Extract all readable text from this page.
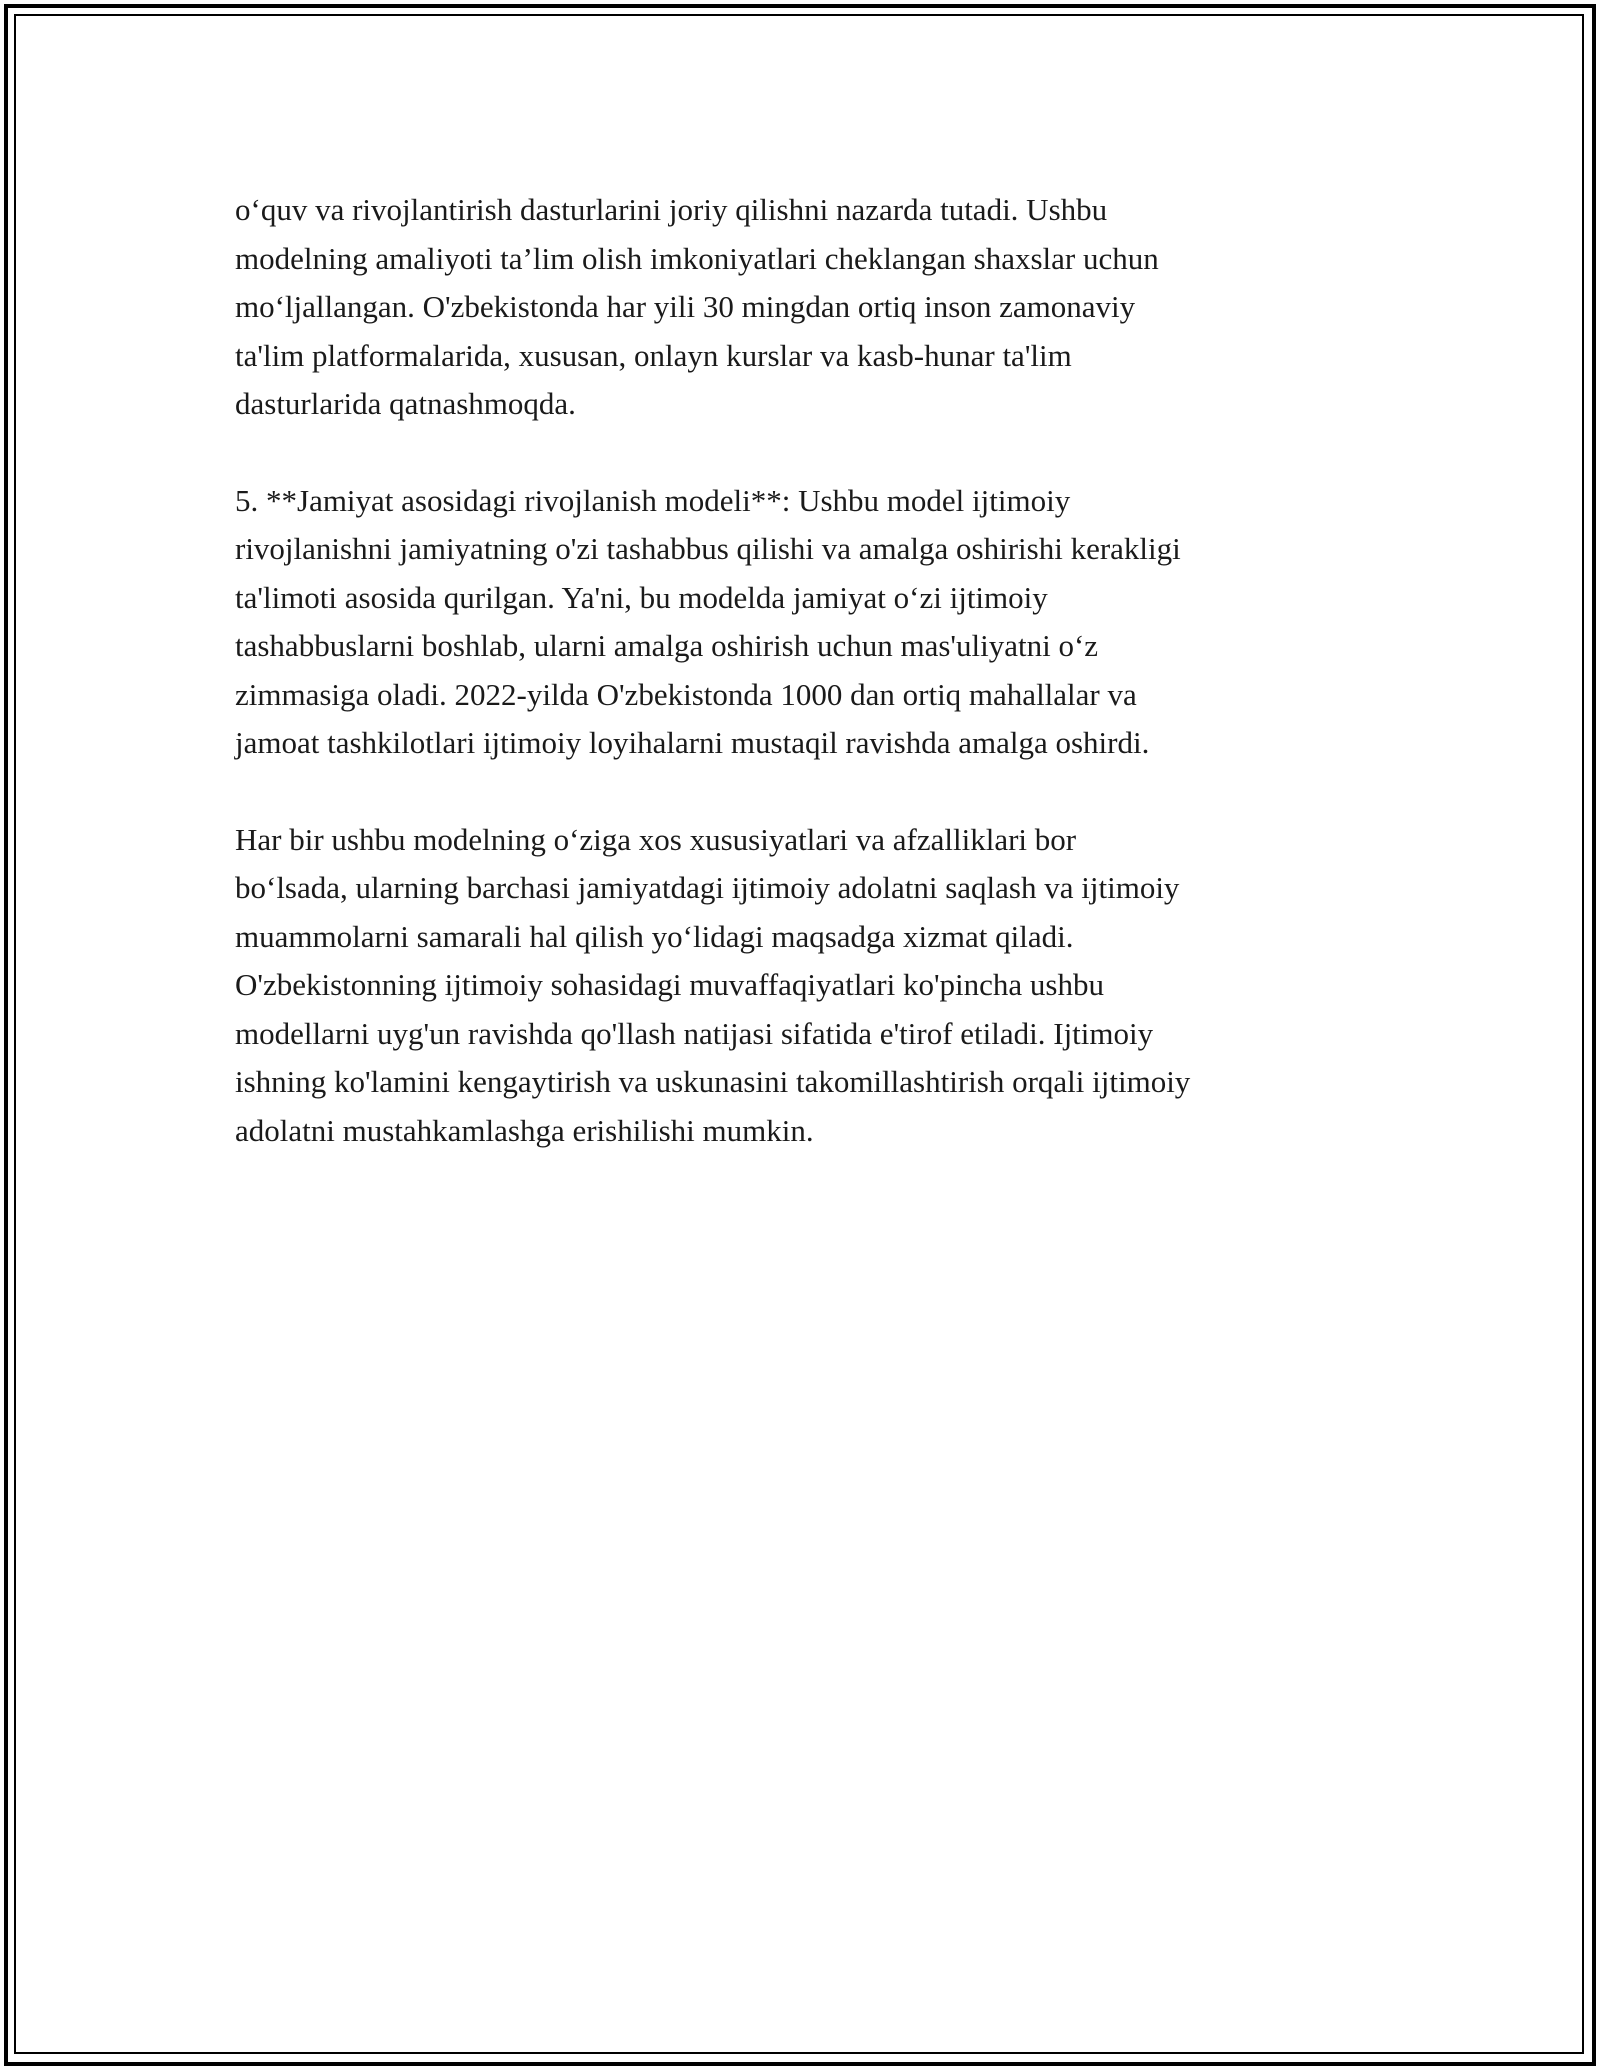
o‘quv va rivojlantirish dasturlarini joriy qilishni nazarda tutadi. Ushbu
modelning amaliyoti ta’lim olish imkoniyatlari cheklangan shaxslar uchun
mo‘ljallangan. O'zbekistonda har yili 30 mingdan ortiq inson zamonaviy
ta'lim platformalarida, xususan, onlayn kurslar va kasb-hunar ta'lim
dasturlarida qatnashmoqda.

5. **Jamiyat asosidagi rivojlanish modeli**: Ushbu model ijtimoiy
rivojlanishni jamiyatning o'zi tashabbus qilishi va amalga oshirishi kerakligi
ta'limoti asosida qurilgan. Ya'ni, bu modelda jamiyat o‘zi ijtimoiy
tashabbuslarni boshlab, ularni amalga oshirish uchun mas'uliyatni o‘z
zimmasiga oladi. 2022-yilda O'zbekistonda 1000 dan ortiq mahallalar va
jamoat tashkilotlari ijtimoiy loyihalarni mustaqil ravishda amalga oshirdi.

Har bir ushbu modelning o‘ziga xos xususiyatlari va afzalliklari bor
bo‘lsada, ularning barchasi jamiyatdagi ijtimoiy adolatni saqlash va ijtimoiy
muammolarni samarali hal qilish yo‘lidagi maqsadga xizmat qiladi.
O'zbekistonning ijtimoiy sohasidagi muvaffaqiyatlari ko'pincha ushbu
modellarni uyg'un ravishda qo'llash natijasi sifatida e'tirof etiladi. Ijtimoiy
ishning ko'lamini kengaytirish va uskunasini takomillashtirish orqali ijtimoiy
adolatni mustahkamlashga erishilishi mumkin.
